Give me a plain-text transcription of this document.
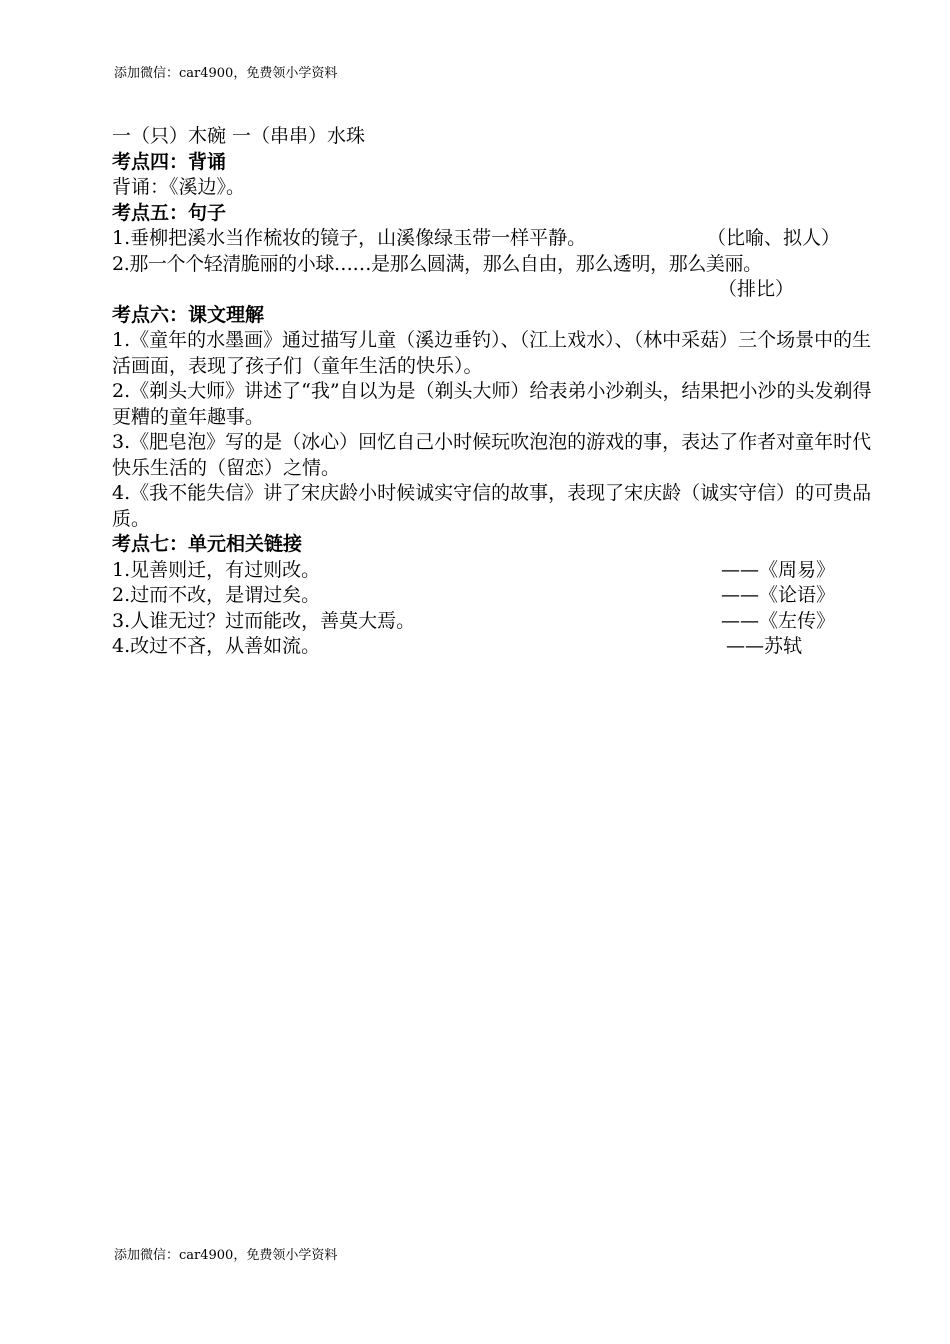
添加微信：car4900，免费领小学资料
一（只）木碗 一（串串）水珠
考点四：背诵
背诵：《溪边》。
考点五：句子
1.垂柳把溪水当作梳妆的镜子，山溪像绿玉带一样平静。	（比喻、拟人）
2.那一个个轻清脆丽的小球……是那么圆满，那么自由，那么透明，那么美丽。
（排比）
考点六：课文理解
1.《童年的水墨画》通过描写儿童（溪边垂钓）、（江上戏水）、（林中采菇）三个场景中的生活画面，表现了孩子们（童年生活的快乐）。
2.《剃头大师》讲述了“我”自以为是（剃头大师）给表弟小沙剃头，结果把小沙的头发剃得更糟的童年趣事。
3.《肥皂泡》写的是（冰心）回忆自己小时候玩吹泡泡的游戏的事，表达了作者对童年时代快乐生活的（留恋）之情。
4.《我不能失信》讲了宋庆龄小时候诚实守信的故事，表现了宋庆龄（诚实守信）的可贵品质。
考点七：单元相关链接
1.见善则迁，有过则改。	——《周易》
2.过而不改，是谓过矣。	——《论语》
3.人谁无过？过而能改，善莫大焉。	——《左传》
4.改过不吝，从善如流。	——苏轼
添加微信：car4900，免费领小学资料
